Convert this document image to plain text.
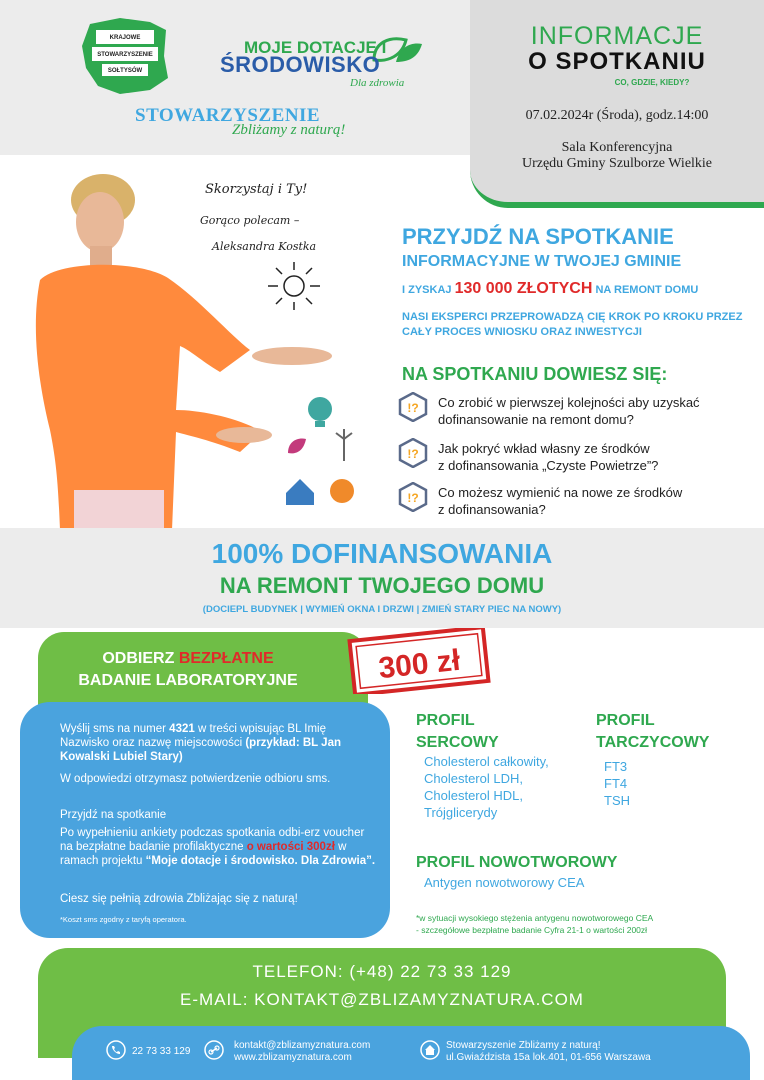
KRAJOWE
STOWARZYSZENIE
SOŁTYSÓW
MOJE DOTACJE I
ŚRODOWISKO
Dla zdrowia
STOWARZYSZENIE
Zbliżamy z naturą!
INFORMACJE
O SPOTKANIU
CO, GDZIE, KIEDY?
07.02.2024r (Środa), godz.14:00
Sala Konferencyjna
Urzędu Gminy Szulborze Wielkie
Skorzystaj i Ty!
Gorąco polecam –
Aleksandra Kostka	PRZYJDŹ NA SPOTKANIE
INFORMACYJNE W TWOJEJ GMINIE
I ZYSKAJ 130 000 ZŁOTYCH NA REMONT DOMU
NASI EKSPERCI PRZEPROWADZĄ CIĘ KROK PO KROKU PRZEZ CAŁY PROCES WNIOSKU ORAZ INWESTYCJI
NA SPOTKANIU DOWIESZ SIĘ:
!? Co zrobić w pierwszej kolejności aby uzyskać
dofinansowanie na remont domu?
!? Jak pokryć wkład własny ze środków
z dofinansowania „Czyste Powietrze”?
!? Co możesz wymienić na nowe ze środków
z dofinansowania?
100% DOFINANSOWANIA
NA REMONT TWOJEGO DOMU
(DOCIEPL BUDYNEK | WYMIEŃ OKNA I DRZWI | ZMIEŃ STARY PIEC NA NOWY)
ODBIERZ BEZPŁATNE
BADANIE LABORATORYJNE	300 zł
Wyślij sms na numer 4321 w treści wpisując BL Imię Nazwisko oraz nazwę miejscowości (przykład: BL Jan Kowalski Lubiel Stary)
W odpowiedzi otrzymasz potwierdzenie odbioru sms.
Przyjdź na spotkanie
Po wypełnieniu ankiety podczas spotkania odbi-erz voucher na bezpłatne badanie profilaktyczne o wartości 300zł w ramach projektu “Moje dotacje i środowisko. Dla Zdrowia”.
Ciesz się pełnią zdrowia Zbliżając się z naturą!
*Koszt sms zgodny z taryfą operatora.
PROFIL
SERCOWY
Cholesterol całkowity,
Cholesterol LDH,
Cholesterol HDL,
Trójglicerydy
PROFIL
TARCZYCOWY
FT3
FT4
TSH
PROFIL NOWOTWOROWY
Antygen nowotworowy CEA
*w sytuacji wysokiego stężenia antygenu nowotworowego CEA
- szczegółowe bezpłatne badanie Cyfra 21-1 o wartości 200zł
TELEFON: (+48) 22 73 33 129
E-MAIL: KONTAKT@ZBLIZAMYZNATURA.COM
22 73 33 129
kontakt@zblizamyznatura.com
www.zblizamyznatura.com
Stowarzyszenie Zbliżamy z naturą!
ul.Gwiaździsta 15a lok.401, 01-656 Warszawa
